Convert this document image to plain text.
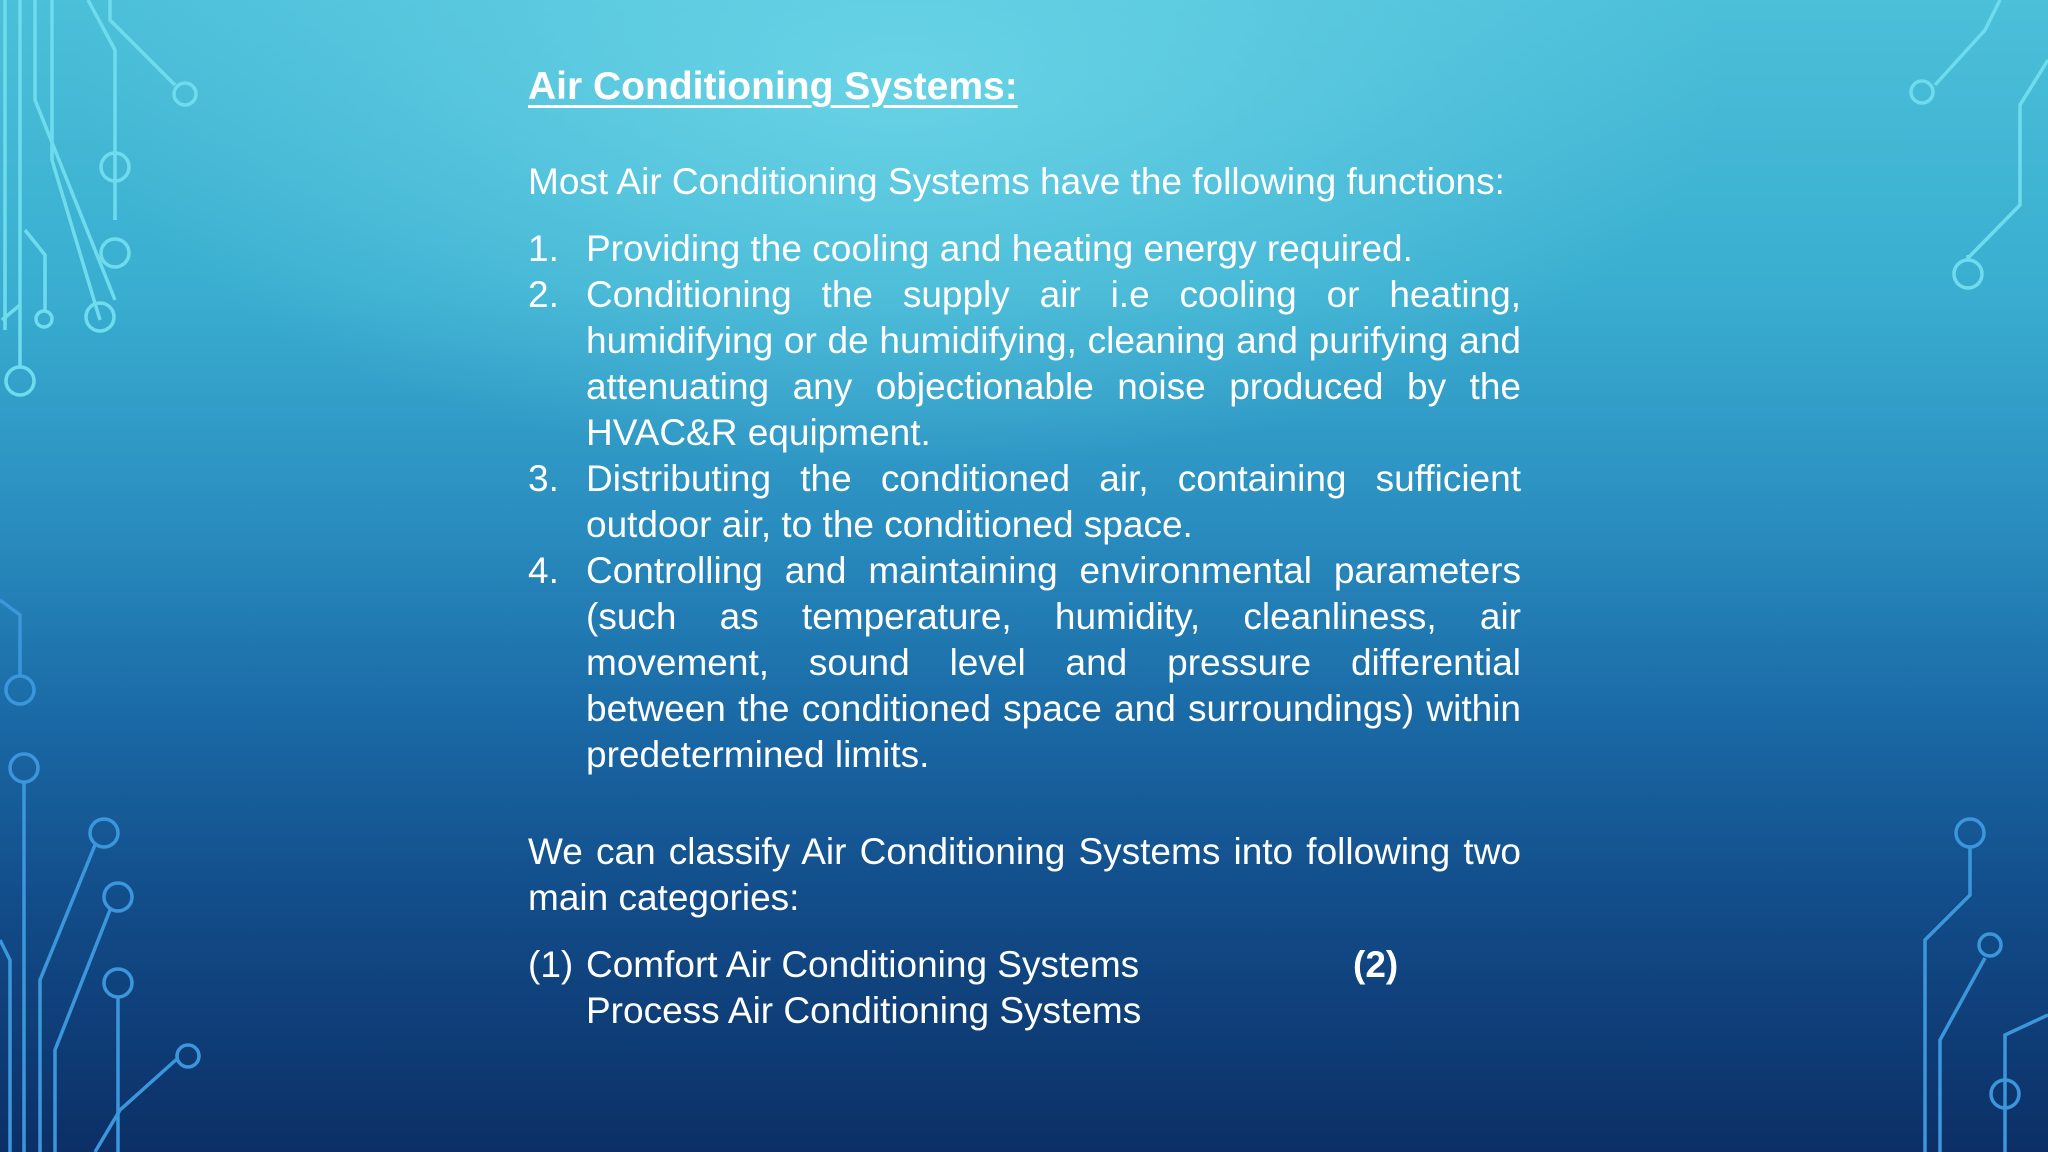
Air Conditioning Systems:

Most Air Conditioning Systems have the following functions:

1. Providing the cooling and heating energy required.
2. Conditioning the supply air i.e cooling or heating, humidifying or de humidifying, cleaning and purifying and attenuating any objectionable noise produced by the HVAC&R equipment.
3. Distributing the conditioned air, containing sufficient outdoor air, to the conditioned space.
4. Controlling and maintaining environmental parameters (such as temperature, humidity, cleanliness, air movement, sound level and pressure differential between the conditioned space and surroundings) within predetermined limits.

We can classify Air Conditioning Systems into following two main categories:

(1) Comfort Air Conditioning Systems	(2)
Process Air Conditioning Systems
